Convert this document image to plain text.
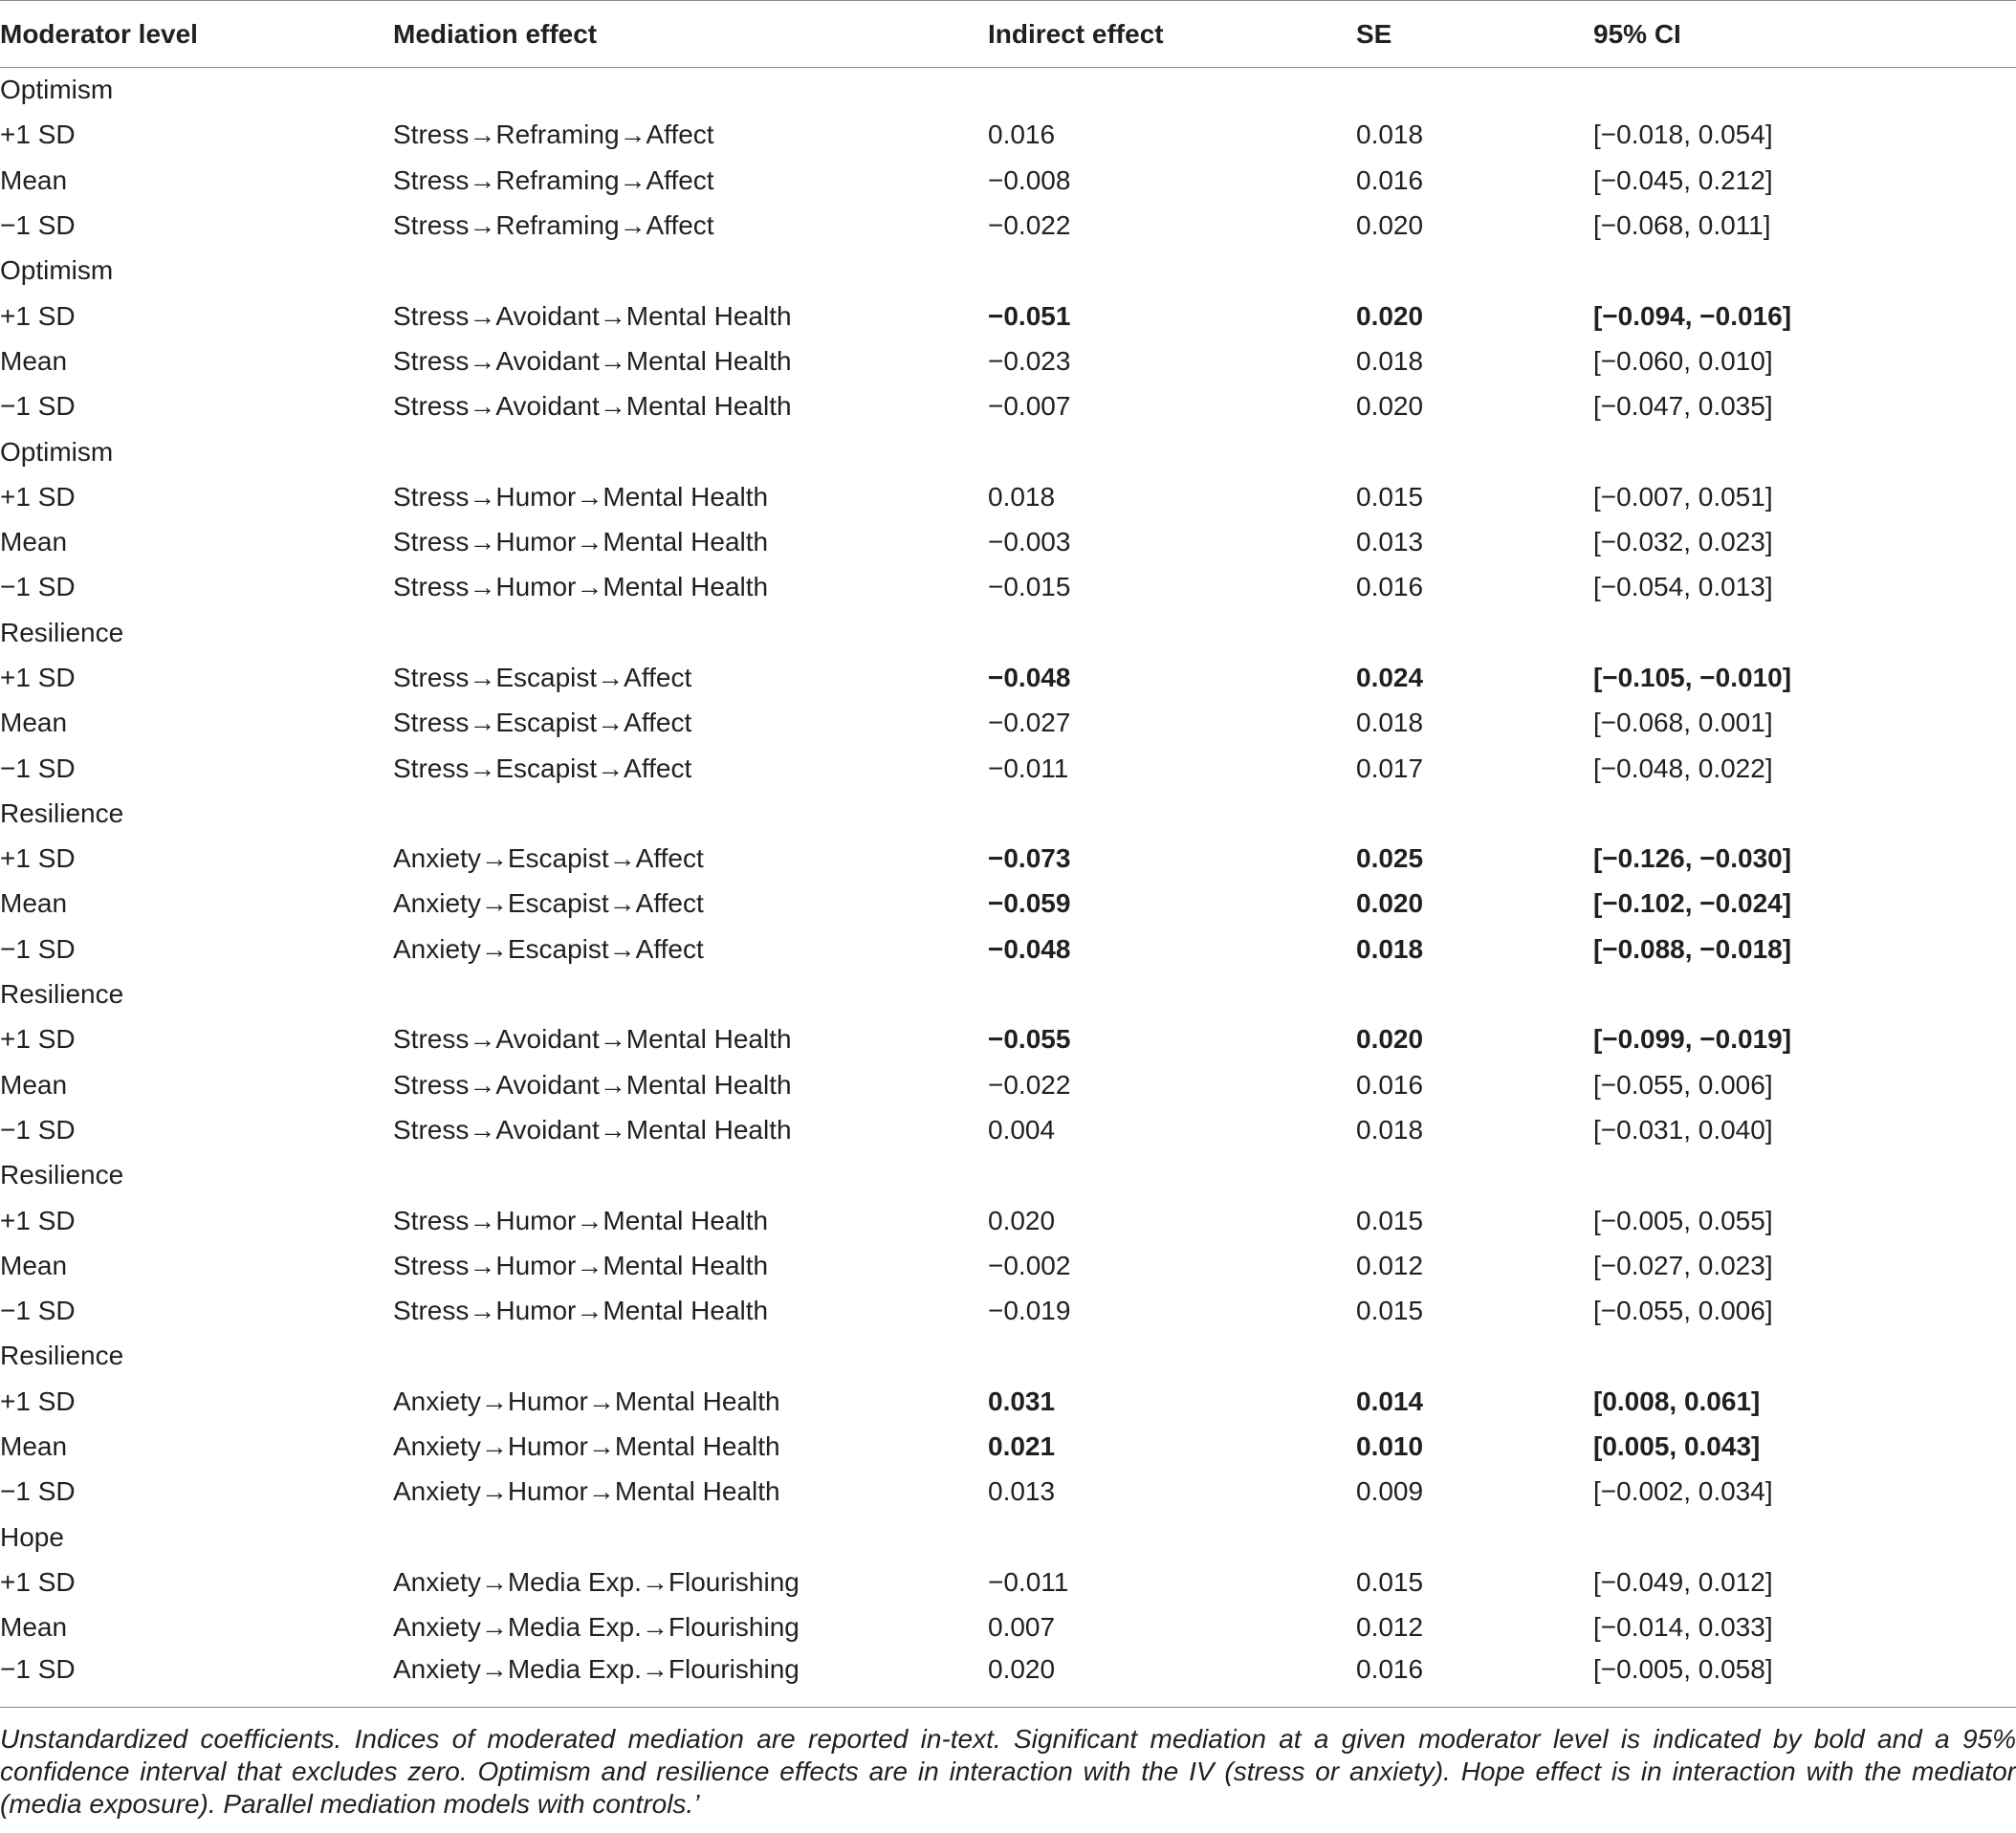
Moderator level	Mediation effect	Indirect effect	SE	95% CI
Optimism				
+1 SD	Stress→Reframing→Affect	0.016	0.018	[−0.018, 0.054]
Mean	Stress→Reframing→Affect	−0.008	0.016	[−0.045, 0.212]
−1 SD	Stress→Reframing→Affect	−0.022	0.020	[−0.068, 0.011]
Optimism				
+1 SD	Stress→Avoidant→Mental Health	−0.051	0.020	[−0.094, −0.016]
Mean	Stress→Avoidant→Mental Health	−0.023	0.018	[−0.060, 0.010]
−1 SD	Stress→Avoidant→Mental Health	−0.007	0.020	[−0.047, 0.035]
Optimism				
+1 SD	Stress→Humor→Mental Health	0.018	0.015	[−0.007, 0.051]
Mean	Stress→Humor→Mental Health	−0.003	0.013	[−0.032, 0.023]
−1 SD	Stress→Humor→Mental Health	−0.015	0.016	[−0.054, 0.013]
Resilience				
+1 SD	Stress→Escapist→Affect	−0.048	0.024	[−0.105, −0.010]
Mean	Stress→Escapist→Affect	−0.027	0.018	[−0.068, 0.001]
−1 SD	Stress→Escapist→Affect	−0.011	0.017	[−0.048, 0.022]
Resilience				
+1 SD	Anxiety→Escapist→Affect	−0.073	0.025	[−0.126, −0.030]
Mean	Anxiety→Escapist→Affect	−0.059	0.020	[−0.102, −0.024]
−1 SD	Anxiety→Escapist→Affect	−0.048	0.018	[−0.088, −0.018]
Resilience				
+1 SD	Stress→Avoidant→Mental Health	−0.055	0.020	[−0.099, −0.019]
Mean	Stress→Avoidant→Mental Health	−0.022	0.016	[−0.055, 0.006]
−1 SD	Stress→Avoidant→Mental Health	0.004	0.018	[−0.031, 0.040]
Resilience				
+1 SD	Stress→Humor→Mental Health	0.020	0.015	[−0.005, 0.055]
Mean	Stress→Humor→Mental Health	−0.002	0.012	[−0.027, 0.023]
−1 SD	Stress→Humor→Mental Health	−0.019	0.015	[−0.055, 0.006]
Resilience				
+1 SD	Anxiety→Humor→Mental Health	0.031	0.014	[0.008, 0.061]
Mean	Anxiety→Humor→Mental Health	0.021	0.010	[0.005, 0.043]
−1 SD	Anxiety→Humor→Mental Health	0.013	0.009	[−0.002, 0.034]
Hope				
+1 SD	Anxiety→Media Exp.→Flourishing	−0.011	0.015	[−0.049, 0.012]
Mean	Anxiety→Media Exp.→Flourishing	0.007	0.012	[−0.014, 0.033]
−1 SD	Anxiety→Media Exp.→Flourishing	0.020	0.016	[−0.005, 0.058]
Unstandardized coefficients. Indices of moderated mediation are reported in-text. Significant mediation at a given moderator level is indicated by bold and a 95% confidence interval that excludes zero. Optimism and resilience effects are in interaction with the IV (stress or anxiety). Hope effect is in interaction with the mediator (media exposure). Parallel mediation models with controls.’
